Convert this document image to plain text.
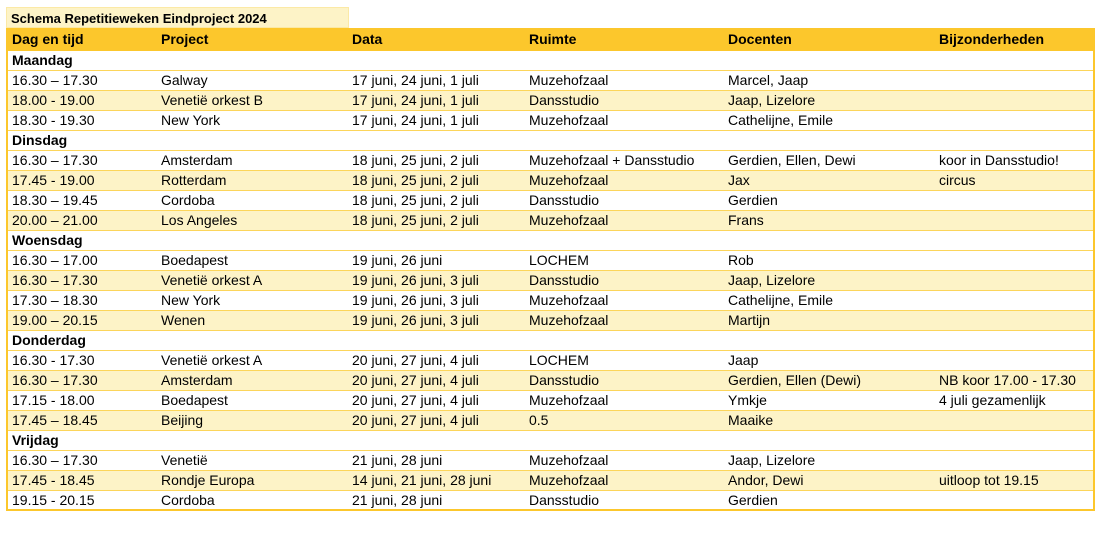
Schema Repetitieweken Eindproject 2024
Dag en tijd	Project	Data	Ruimte	Docenten	Bijzonderheden
Maandag					
16.30 – 17.30	Galway	17 juni, 24 juni, 1 juli	Muzehofzaal	Marcel, Jaap	
18.00 - 19.00	Venetië orkest B	17 juni, 24 juni, 1 juli	Dansstudio	Jaap, Lizelore	
18.30 - 19.30	New York	17 juni, 24 juni, 1 juli	Muzehofzaal	Cathelijne, Emile	
Dinsdag					
16.30 – 17.30	Amsterdam	18 juni, 25 juni, 2 juli	Muzehofzaal + Dansstudio	Gerdien, Ellen, Dewi	koor in Dansstudio!
17.45 - 19.00	Rotterdam	18 juni, 25 juni, 2 juli	Muzehofzaal	Jax	circus
18.30 – 19.45	Cordoba	18 juni, 25 juni, 2 juli	Dansstudio	Gerdien	
20.00 – 21.00	Los Angeles	18 juni, 25 juni, 2 juli	Muzehofzaal	Frans	
Woensdag					
16.30 – 17.00	Boedapest	19 juni, 26 juni	LOCHEM	Rob	
16.30 – 17.30	Venetië orkest A	19 juni, 26 juni, 3 juli	Dansstudio	Jaap, Lizelore	
17.30 – 18.30	New York	19 juni, 26 juni, 3 juli	Muzehofzaal	Cathelijne, Emile	
19.00 – 20.15	Wenen	19 juni, 26 juni, 3 juli	Muzehofzaal	Martijn	
Donderdag					
16.30 - 17.30	Venetië orkest A	20 juni, 27 juni, 4 juli	LOCHEM	Jaap	
16.30 – 17.30	Amsterdam	20 juni, 27 juni, 4 juli	Dansstudio	Gerdien, Ellen (Dewi)	NB koor 17.00 - 17.30
17.15 - 18.00	Boedapest	20 juni, 27 juni, 4 juli	Muzehofzaal	Ymkje	4 juli gezamenlijk
17.45 – 18.45	Beijing	20 juni, 27 juni, 4 juli	0.5	Maaike	
Vrijdag					
16.30 – 17.30	Venetië	21 juni, 28 juni	Muzehofzaal	Jaap, Lizelore	
17.45 - 18.45	Rondje Europa	14 juni, 21 juni, 28 juni	Muzehofzaal	Andor, Dewi	uitloop tot 19.15
19.15 - 20.15	Cordoba	21 juni, 28 juni	Dansstudio	Gerdien	
